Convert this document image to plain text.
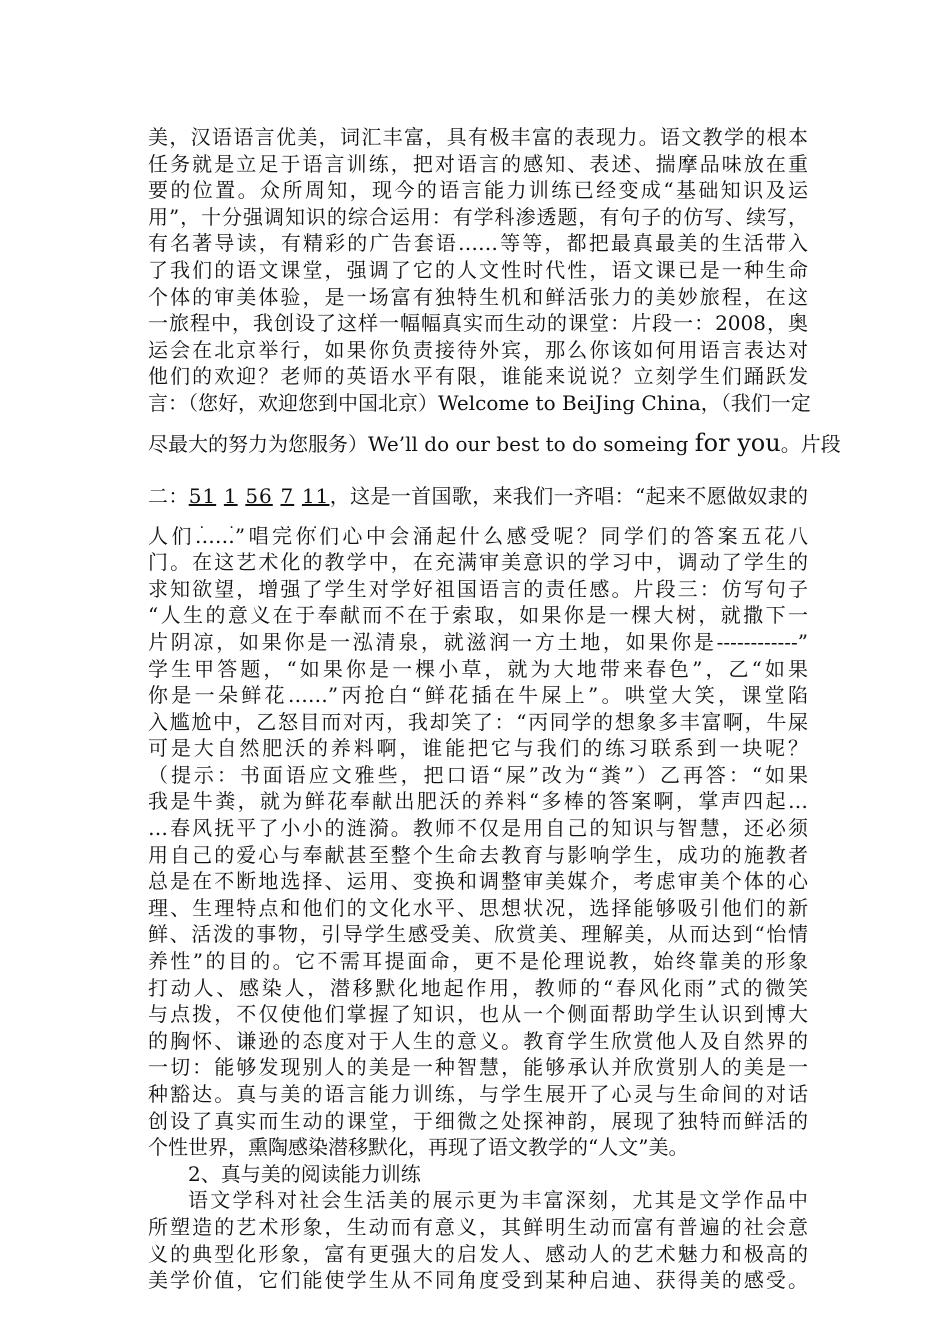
美，汉语语言优美，词汇丰富，具有极丰富的表现力。语文教学的根本
任务就是立足于语言训练，把对语言的感知、表述、揣摩品味放在重
要的位置。众所周知，现今的语言能力训练已经变成“基础知识及运
用”，十分强调知识的综合运用：有学科渗透题，有句子的仿写、续写，
有名著导读，有精彩的广告套语……等等，都把最真最美的生活带入
了我们的语文课堂，强调了它的人文性时代性，语文课已是一种生命
个体的审美体验，是一场富有独特生机和鲜活张力的美妙旅程，在这
一旅程中，我创设了这样一幅幅真实而生动的课堂：片段一：2008，奥
运会在北京举行，如果你负责接待外宾，那么你该如何用语言表达对
他们的欢迎？老师的英语水平有限，谁能来说说？立刻学生们踊跃发
言：（您好，欢迎您到中国北京）Welcome to BeiJing China，（我们一定
尽最大的努力为您服务）We’ll do our best to do someing for you。片段
二：51 . 1 . 56 . 7 . 11 .，这是一首国歌，来我们一齐唱：“起来不愿做奴隶的
人们……”唱完你们心中会涌起什么感受呢？同学们的答案五花八
门。在这艺术化的教学中，在充满审美意识的学习中，调动了学生的
求知欲望，增强了学生对学好祖国语言的责任感。片段三：仿写句子
“人生的意义在于奉献而不在于索取，如果你是一棵大树，就撒下一
片阴凉，如果你是一泓清泉，就滋润一方土地，如果你是------------”
学生甲答题，“如果你是一棵小草，就为大地带来春色”，乙“如果
你是一朵鲜花……”丙抢白“鲜花插在牛屎上”。哄堂大笑，课堂陷
入尴尬中，乙怒目而对丙，我却笑了：“丙同学的想象多丰富啊，牛屎
可是大自然肥沃的养料啊，谁能把它与我们的练习联系到一块呢？
（提示：书面语应文雅些，把口语“屎”改为“粪”）乙再答：“如果
我是牛粪，就为鲜花奉献出肥沃的养料“多棒的答案啊，掌声四起…
…春风抚平了小小的涟漪。教师不仅是用自己的知识与智慧，还必须
用自己的爱心与奉献甚至整个生命去教育与影响学生，成功的施教者
总是在不断地选择、运用、变换和调整审美媒介，考虑审美个体的心
理、生理特点和他们的文化水平、思想状况，选择能够吸引他们的新
鲜、活泼的事物，引导学生感受美、欣赏美、理解美，从而达到“怡情
养性”的目的。它不需耳提面命，更不是伦理说教，始终靠美的形象
打动人、感染人，潜移默化地起作用，教师的“春风化雨”式的微笑
与点拨，不仅使他们掌握了知识，也从一个侧面帮助学生认识到博大
的胸怀、谦逊的态度对于人生的意义。教育学生欣赏他人及自然界的
一切：能够发现别人的美是一种智慧，能够承认并欣赏别人的美是一
种豁达。真与美的语言能力训练，与学生展开了心灵与生命间的对话
创设了真实而生动的课堂，于细微之处探神韵，展现了独特而鲜活的
个性世界，熏陶感染潜移默化，再现了语文教学的“人文”美。
2、真与美的阅读能力训练
语文学科对社会生活美的展示更为丰富深刻，尤其是文学作品中
所塑造的艺术形象，生动而有意义，其鲜明生动而富有普遍的社会意
义的典型化形象，富有更强大的启发人、感动人的艺术魅力和极高的
美学价值，它们能使学生从不同角度受到某种启迪、获得美的感受。
